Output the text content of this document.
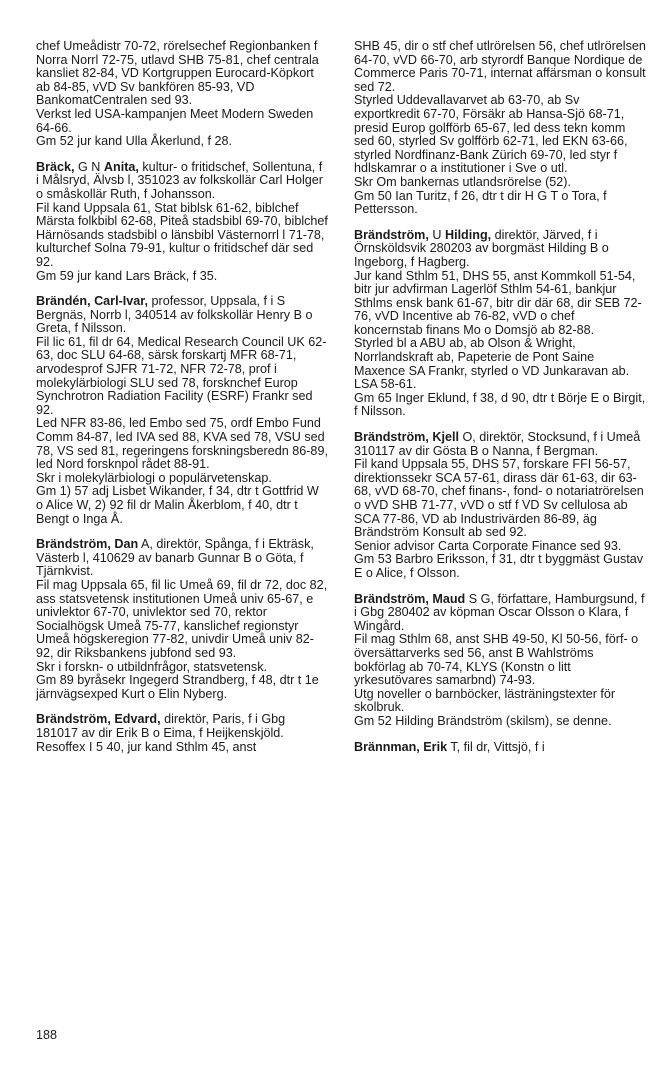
chef Umeådistr 70-72, rörelsechef Regionbanken f Norra Norrl 72-75, utlavd SHB 75-81, chef centrala kansliet 82-84, VD Kortgruppen Eurocard-Köpkort ab 84-85, vVD Sv bankfören 85-93, VD BankomatCentralen sed 93.

Verkst led USA-kampanjen Meet Modern Sweden 64-66.

Gm 52 jur kand Ulla Åkerlund, f 28.

Bräck, G N Anita, kultur- o fritidschef, Sollentuna, f i Målsryd, Älvsb l, 351023 av folkskollär Carl Holger o småskollär Ruth, f Johansson.

Fil kand Uppsala 61, Stat biblsk 61-62, biblchef Märsta folkbibl 62-68, Piteå stadsbibl 69-70, biblchef Härnösands stadsbibl o länsbibl Västernorrl l 71-78, kulturchef Solna 79-91, kultur o fritidschef där sed 92.

Gm 59 jur kand Lars Bräck, f 35.

Brändén, Carl-Ivar, professor, Uppsala, f i S Bergnäs, Norrb l, 340514 av folkskollär Henry B o Greta, f Nilsson.

Fil lic 61, fil dr 64, Medical Research Council UK 62-63, doc SLU 64-68, särsk forskartj MFR 68-71, arvodesprof SJFR 71-72, NFR 72-78, prof i molekylärbiologi SLU sed 78, forsknchef Europ Synchrotron Radiation Facility (ESRF) Frankr sed 92.

Led NFR 83-86, led Embo sed 75, ordf Embo Fund Comm 84-87, led IVA sed 88, KVA sed 78, VSU sed 78, VS sed 81, regeringens forskningsberedn 86-89, led Nord forsknpol rådet 88-91.

Skr i molekylärbiologi o populärvetenskap.

Gm 1) 57 adj Lisbet Wikander, f 34, dtr t Gottfrid W o Alice W, 2) 92 fil dr Malin Åkerblom, f 40, dtr t Bengt o Inga Å.

Brändström, Dan A, direktör, Spånga, f i Ekträsk, Västerb l, 410629 av banarb Gunnar B o Göta, f Tjärnkvist.

Fil mag Uppsala 65, fil lic Umeå 69, fil dr 72, doc 82, ass statsvetensk institutionen Umeå univ 65-67, e univlektor 67-70, univlektor sed 70, rektor Socialhögsk Umeå 75-77, kanslichef regionstyr Umeå högskeregion 77-82, univdir Umeå univ 82-92, dir Riksbankens jubfond sed 93.

Skr i forskn- o utbildnfrågor, statsvetensk.

Gm 89 byråsekr Ingegerd Strandberg, f 48, dtr t 1e järnvägsexped Kurt o Elin Nyberg.

Brändström, Edvard, direktör, Paris, f i Gbg 181017 av dir Erik B o Eima, f Heijkenskjöld.

Resoffex I 5 40, jur kand Sthlm 45, anst

SHB 45, dir o stf chef utlrörelsen 56, chef utlrörelsen 64-70, vVD 66-70, arb styrordf Banque Nordique de Commerce Paris 70-71, internat affärsman o konsult sed 72.

Styrled Uddevallavarvet ab 63-70, ab Sv exportkredit 67-70, Försäkr ab Hansa-Sjö 68-71, presid Europ golfförb 65-67, led dess tekn komm sed 60, styrled Sv golfförb 62-71, led EKN 63-66, styrled Nordfinanz-Bank Zürich 69-70, led styr f hdlskamrar o a institutioner i Sve o utl.

Skr Om bankernas utlandsrörelse (52).

Gm 50 Ian Turitz, f 26, dtr t dir H G T o Tora, f Pettersson.

Brändström, U Hilding, direktör, Järved, f i Örnsköldsvik 280203 av borgmäst Hilding B o Ingeborg, f Hagberg.

Jur kand Sthlm 51, DHS 55, anst Kommkoll 51-54, bitr jur advfirman Lagerlöf Sthlm 54-61, bankjur Sthlms ensk bank 61-67, bitr dir där 68, dir SEB 72-76, vVD Incentive ab 76-82, vVD o chef koncernstab finans Mo o Domsjö ab 82-88.

Styrled bl a ABU ab, ab Olson & Wright, Norrlandskraft ab, Papeterie de Pont Saine Maxence SA Frankr, styrled o VD Junkaravan ab.

LSA 58-61.

Gm 65 Inger Eklund, f 38, d 90, dtr t Börje E o Birgit, f Nilsson.

Brändström, Kjell O, direktör, Stocksund, f i Umeå 310117 av dir Gösta B o Nanna, f Bergman.

Fil kand Uppsala 55, DHS 57, forskare FFI 56-57, direktionssekr SCA 57-61, dirass där 61-63, dir 63-68, vVD 68-70, chef finans-, fond- o notariatrörelsen o vVD SHB 71-77, vVD o stf f VD Sv cellulosa ab SCA 77-86, VD ab Industrivärden 86-89, äg Brändström Konsult ab sed 92.

Senior advisor Carta Corporate Finance sed 93.

Gm 53 Barbro Eriksson, f 31, dtr t byggmäst Gustav E o Alice, f Olsson.

Brändström, Maud S G, författare, Hamburgsund, f i Gbg 280402 av köpman Oscar Olsson o Klara, f Wingård.

Fil mag Sthlm 68, anst SHB 49-50, Kl 50-56, förf- o översättarverks sed 56, anst B Wahlströms bokförlag ab 70-74, KLYS (Konstn o litt yrkesutövares samarbnd) 74-93.

Utg noveller o barnböcker, lästräningstexter för skolbruk.

Gm 52 Hilding Brändström (skilsm), se denne.

Brännman, Erik T, fil dr, Vittsjö, f i

188
